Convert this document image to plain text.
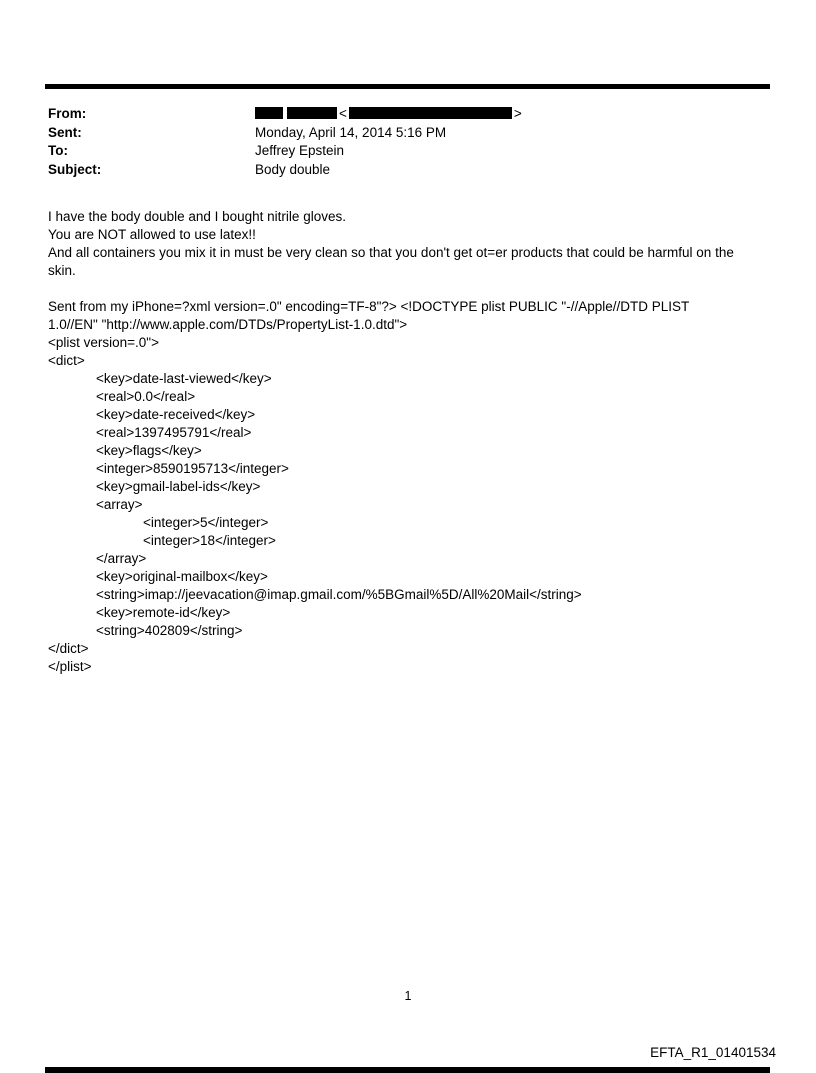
From:	<	>
Sent:	Monday, April 14, 2014 5:16 PM
To:	Jeffrey Epstein
Subject:	Body double
I have the body double and I bought nitrile gloves.
You are NOT allowed to use latex!!
And all containers you mix it in must be very clean so that you don't get ot=er products that could be harmful on the skin.

Sent from my iPhone=?xml version=.0" encoding=TF-8"?> <!DOCTYPE plist PUBLIC "-//Apple//DTD PLIST 1.0//EN" "http://www.apple.com/DTDs/PropertyList-1.0.dtd">
<plist version=.0">
<dict>
<key>date-last-viewed</key>
<real>0.0</real>
<key>date-received</key>
<real>1397495791</real>
<key>flags</key>
<integer>8590195713</integer>
<key>gmail-label-ids</key>
<array>
<integer>5</integer>
<integer>18</integer>
</array>
<key>original-mailbox</key>
<string>imap://jeevacation@imap.gmail.com/%5BGmail%5D/All%20Mail</string>
<key>remote-id</key>
<string>402809</string>
</dict>
</plist>
1
EFTA_R1_01401534
